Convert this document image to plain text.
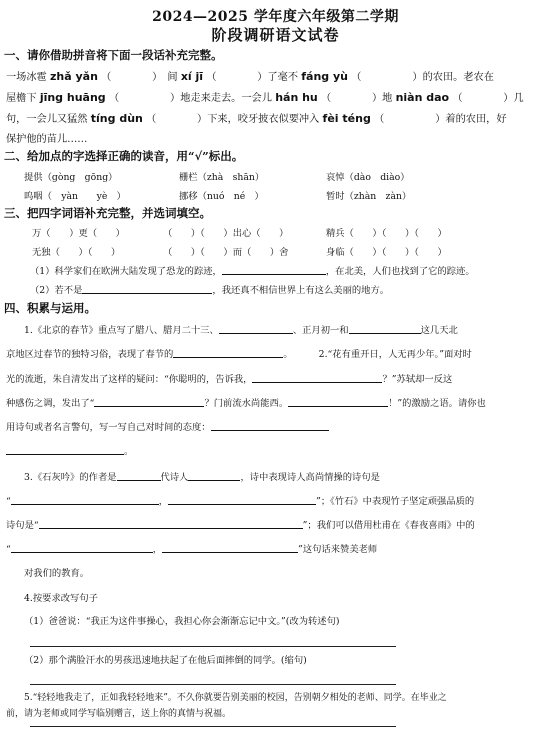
2024—2025 学年度六年级第二学期
阶段调研语文试卷
一、请你借助拼音将下面一段话补充完整。
一场冰雹 zhǎ yǎn （　　　　）　间 xí jī （　　　　）了毫不 fáng yù （　　　　　）的农田。老农在
屋檐下 jīng huāng （　　　　　）地走来走去。一会儿 hán hu （　　　　）地 niàn dao （　　　　）几
句，一会儿又猛然 tíng dùn （　　　　）下来，咬牙披衣似要冲入 fèi téng （　　　　　）着的农田，好
保护他的苗儿……
二、给加点的字选择正确的读音，用“√”标出。
提供（gòng　gōng）	栅栏（zhà　shān）	哀悼（dào　diào）
呜咽（　yàn　　yè　）	挪移（nuó　né　）	暂时（zhàn　zàn）
三、把四字词语补充完整，并选词填空。
万（　　）更（　　）	（　　）（　　）出心（　　）	精兵（　　）（　　）（　　）
无独（　　）（　　）	（　　）（　　）而（　　）舍	身临（　　）（　　）（　　）
（1）科学家们在欧洲大陆发现了恐龙的踪迹，	，在北美，人们也找到了它的踪迹。
（2）若不是	，我还真不相信世界上有这么美丽的地方。
四、积累与运用。
1.《北京的春节》重点写了腊八、腊月二十三、	、正月初一和	这几天北
京地区过春节的独特习俗，表现了春节的	。	2.“花有重开日，人无再少年。”面对时
光的流逝，朱自清发出了这样的疑问：“你聪明的，告诉我，	？”苏轼却一反这
种感伤之调，发出了“	？门前流水尚能西。	！”的激励之语。请你也
用诗句或者名言警句，写一写自己对时间的态度：
。
3.《石灰吟》的作者是	代诗人	，诗中表现诗人高尚情操的诗句是
“	，	”；《竹石》中表现竹子坚定顽强品质的
诗句是“	”；我们可以借用杜甫在《春夜喜雨》中的
“	，	”这句话来赞美老师
对我们的教育。
4.按要求改写句子
（1）爸爸说：“我正为这件事操心，我担心你会渐渐忘记中文。”(改为转述句)
（2）那个满脸汗水的男孩迅速地扶起了在他后面摔倒的同学。(缩句)
5.“轻轻地我走了，正如我轻轻地来”。不久你就要告别美丽的校园，告别朝夕相处的老师、同学。在毕业之
前，请为老师或同学写临别赠言，送上你的真情与祝福。
